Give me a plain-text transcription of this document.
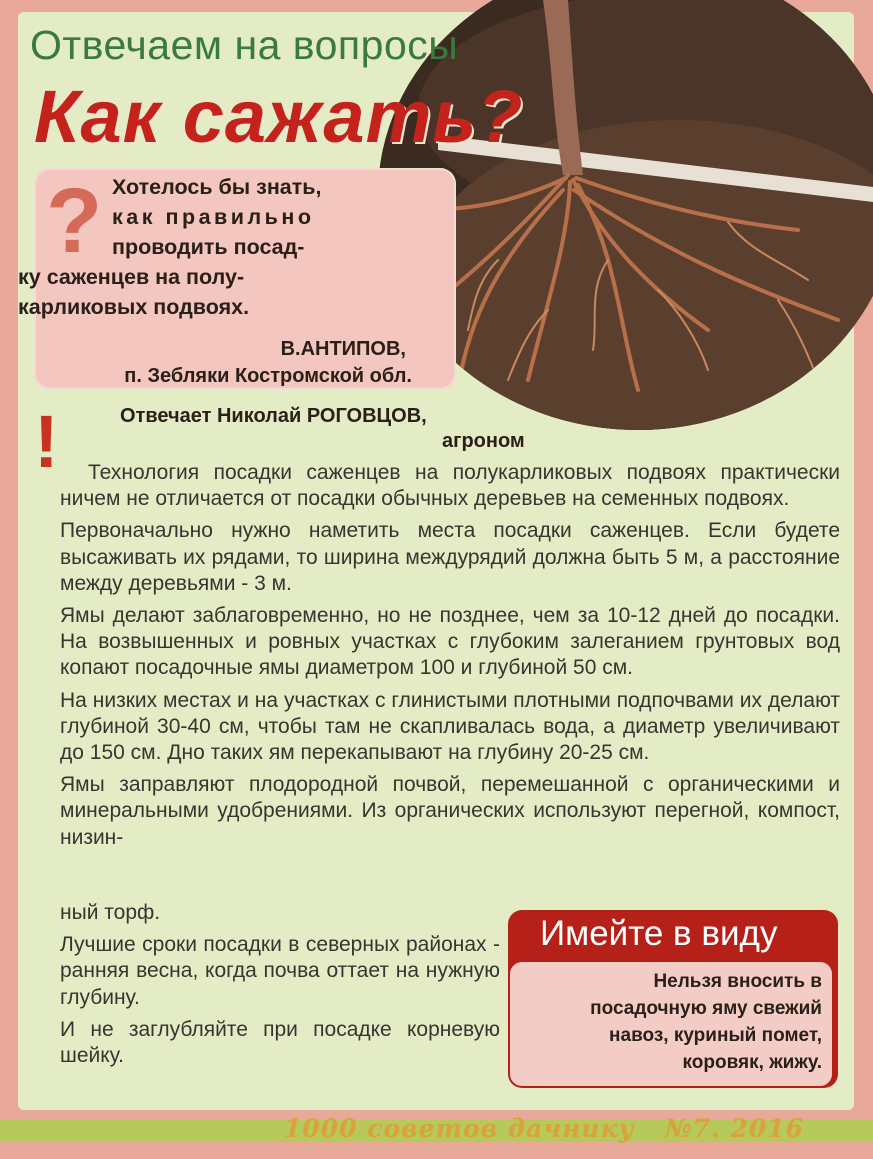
Отвечаем на вопросы
Как сажать?
? Хотелось бы знать,
как правильно
проводить посад-
ку саженцев на полу-
карликовых подвоях.
В.АНТИПОВ,
п. Зебляки Костромской обл.
!	Отвечает Николай РОГОВЦОВ,
агроном

Технология посадки саженцев на полукарликовых подвоях практически ничем не отличается от посадки обычных деревьев на семенных подвоях.

Первоначально нужно наметить места посадки саженцев. Если будете высаживать их рядами, то ширина междурядий должна быть 5 м, а расстояние между деревьями - 3 м.

Ямы делают заблаговременно, но не позднее, чем за 10-12 дней до посадки. На возвышенных и ровных участках с глубоким залеганием грунтовых вод копают посадочные ямы диаметром 100 и глубиной 50 см.

На низких местах и на участках с глинистыми плотными подпочвами их делают глубиной 30-40 см, чтобы там не скапливалась вода, а диаметр увеличивают до 150 см. Дно таких ям перекапывают на глубину 20-25 см.

Ямы заправляют плодородной почвой, перемешанной с органическими и минеральными удобрениями. Из органических используют перегной, компост, низин-

ный торф.

Лучшие сроки посадки в северных районах - ранняя весна, когда почва оттает на нужную глубину.

И не заглубляйте при посадке корневую шейку.

Имейте в виду
Нельзя вносить в
посадочную яму свежий
навоз, куриный помет,
коровяк, жижу.
1000 советов дачнику №7. 2016
